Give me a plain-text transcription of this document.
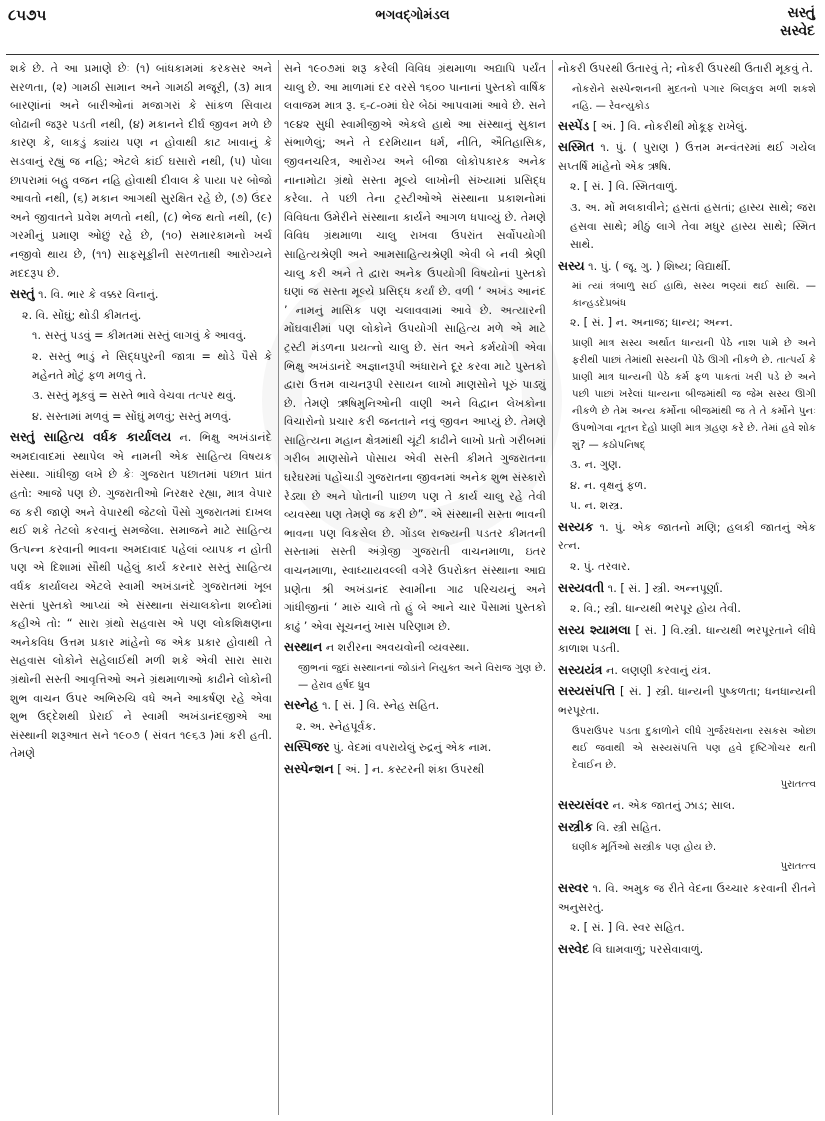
૮૫૭૫	ભગવદ્ગોમંડલ	સસ્તું
સસ્વેદ

શકે છે. તે આ પ્રમાણે છેઃ (૧) બાંધકામમાં કરકસર અને સરળતા, (૨) ગામઠી સામાન અને ગામઠી મજૂરી, (૩) માત્ર બારણાંનાં અને બારીઓનાં મજાગરાં કે સાંકળ સિવાય લોઢાની જરૂર પડતી નથી, (૪) મકાનને દીર્ઘ જીવન મળે છે કારણ કે, લાકડું ક્યાંય પણ ન હોવાથી કાટ ખાવાનું કે સડવાનું રહ્યું જ નહિ; એટલે કાંઈ ઘસારો નથી, (૫) પોલા છાપરામાં બહુ વજન નહિ હોવાથી દીવાલ કે પાયા પર બોજો આવતો નથી, (૬) મકાન આગથી સુરક્ષિત રહે છે, (૭) ઉંદર અને જીવાતને પ્રવેશ મળતો નથી, (૮) ભેજ થતો નથી, (૯) ગરમીનું પ્રમાણ ઓછું રહે છે, (૧૦) સમારકામનો ખર્ચ નજીવો થાય છે, (૧૧) સાફસૂફીની સરળતાથી આરોગ્યને મદદરૂપ છે.

સસ્તું ૧. વિ. ભાર કે વક્કર વિનાનું.

૨. વિ. સોંઘું; થોડી કીમતનું.

૧. સસ્તું પડવું = કીમતમાં સસ્તું લાગવું કે આવવું.

૨. સસ્તું ભાડું ને સિદ્ધપુરની જાત્રા = થોડે પૈસે કે મહેનતે મોટું ફળ મળવું તે.

૩. સસ્તું મૂકવું = સસ્તે ભાવે વેચવા તત્પર થવું.

૪. સસ્તામાં મળવું = સોંઘું મળવું; સસ્તું મળવું.

સસ્તું સાહિત્ય વર્ધક કાર્યાલય ન. ભિક્ષુ અખંડાનંદે અમદાવાદમાં સ્થાપેલ એ નામની એક સાહિત્ય વિષયક સંસ્થા. ગાંધીજી લખે છે કેઃ ગુજરાત પછાતમાં પછાત પ્રાંત હતો: આજે પણ છે. ગુજરાતીઓ નિરક્ષર રહ્યા, માત્ર વેપાર જ કરી જાણે અને વેપારથી જેટલો પૈસો ગુજરાતમાં દાખલ થઈ શકે તેટલો કરવાનું સમજેલા. સમાજને માટે સાહિત્ય ઉત્પન્ન કરવાની ભાવના અમદાવાદ પહેલાં વ્યાપક ન હોતી પણ એ દિશામાં સૌથી પહેલું કાર્ય કરનાર સસ્તું સાહિત્ય વર્ધક કાર્યાલય એટલે સ્વામી અખંડાનંદે ગુજરાતમાં ખૂબ સસ્તાં પુસ્તકો આપ્યાં એ સંસ્થાના સંચાલકોના શબ્દોમાં કહીએ તો: “ સારા ગ્રંથો સહવાસ એ પણ લોકશિક્ષણના અનેકવિધ ઉત્તમ પ્રકાર માંહેનો જ એક પ્રકાર હોવાથી તે સહવાસ લોકોને સહેલાઈથી મળી શકે એવી સારા સારા ગ્રંથોની સસ્તી આવૃત્તિઓ અને ગ્રંથમાળાઓ કાઢીને લોકોની શુભ વાચન ઉપર અભિરુચિ વધે અને આકર્ષણ રહે એવા શુભ ઉદ્દેશથી પ્રેરાઈ ને સ્વામી અખંડાનંદજીએ આ સંસ્થાની શરૂઆત સને ૧૯૦૭ ( સંવત ૧૯૬૩ )માં કરી હતી. તેમણે

સને ૧૯૦૭માં શરૂ કરેલી વિવિધ ગ્રંથમાળા અદ્યાપિ પર્યંત ચાલુ છે. આ માળામાં દર વરસે ૧૬૦૦ પાનાનાં પુસ્તકો વાર્ષિક લવાજમ માત્ર રૂ. ૬-૮-૦માં ઘેર બેઠાં આપવામાં આવે છે. સને ૧૯૪૨ સુધી સ્વામીજીએ એકલે હાથે આ સંસ્થાનું સુકાન સંભાળેલું; અને તે દરમિયાન ધર્મ, નીતિ, ઐતિહાસિક, જીવનચરિત્ર, આરોગ્ય અને બીજા લોકોપકારક અનેક નાનામોટા ગ્રંથો સસ્તા મૂલ્યે લાખોની સંખ્યામાં પ્રસિદ્ધ કરેલા. તે પછી તેના ટ્રસ્ટીઓએ સંસ્થાના પ્રકાશનોમાં વિવિધતા ઉમેરીને સંસ્થાના કાર્યને આગળ ધપાવ્યું છે. તેમણે વિવિધ ગ્રંથમાળા ચાલુ રાખવા ઉપરાંત સર્વોપયોગી સાહિત્યશ્રેણી અને આમસાહિત્યશ્રેણી એવી બે નવી શ્રેણી ચાલુ કરી અને તે દ્વારા અનેક ઉપયોગી વિષયોનાં પુસ્તકો ઘણાં જ સસ્તા મૂલ્યે પ્રસિદ્ધ કર્યાં છે. વળી ‘ અખંડ આનંદ ’ નામનું માસિક પણ ચલાવવામાં આવે છે. અત્યારની મોંઘવારીમાં પણ લોકોને ઉપયોગી સાહિત્ય મળે એ માટે ટ્રસ્ટી મંડળના પ્રયત્નો ચાલુ છે. સંત અને કર્મયોગી એવા ભિક્ષુ અખંડાનંદે અજ્ઞાનરૂપી અંધારાને દૂર કરવા માટે પુસ્તકો દ્વારા ઉત્તમ વાચનરૂપી રસાયન લાખો માણસોને પૂરું પાડ્યું છે. તેમણે ઋષિમુનિઓની વાણી અને વિદ્વાન લેખકોના વિચારોનો પ્રચાર કરી જનતાને નવું જીવન આપ્યું છે. તેમણે સાહિત્યના મહાન ક્ષેત્રમાંથી ચૂંટી કાઢીને લાખો પ્રતો ગરીબમાં ગરીબ માણસોને પોસાય એવી સસ્તી કીમતે ગુજરાતના ઘરેઘરમાં પહોંચાડી ગુજરાતના જીવનમાં અનેક શુભ સંસ્કારો રેડ્યા છે અને પોતાની પાછળ પણ તે કાર્ય ચાલુ રહે તેવી વ્યવસ્થા પણ તેમણે જ કરી છે”. એ સંસ્થાની સસ્તા ભાવની ભાવના પણ વિકસેલ છે. ગોંડલ રાજ્યની પડતર કીમતની સસ્તામાં સસ્તી અંગ્રેજી ગુજરાતી વાચનમાળા, ઇતર વાચનમાળા, સ્વાધ્યાયવલ્લી વગેરે ઉપરોક્ત સંસ્થાના આદ્ય પ્રણેતા શ્રી અખંડાનંદ સ્વામીના ગાઢ પરિચયનું અને ગાંધીજીનાં ‘ મારું ચાલે તો હું બે આને ચાર પૈસામાં પુસ્તકો કાઢું ’ એવા સૂચનનું ખાસ પરિણામ છે.

સસ્થાન ન શરીરના અવયવોની વ્યવસ્થા.

જીભનાં જુદાં સસ્થાનનાં જોડાંને નિયુક્ત અને વિરાજ ગુણ છે. — હેરાવ હર્ષદ ધ્રુવ

સસ્નેહ ૧. [ સં. ] વિ. સ્નેહ સહિત.

૨. અ. સ્નેહપૂર્વક.

સસ્પિજર પું. વેદમાં વપરાયેલું રુદ્રનું એક નામ.

સસ્પેન્શન [ અં. ] ન. કસ્ટરની શંકા ઉપરથી

નોકરી ઉપરથી ઉતારવું તે; નોકરી ઉપરથી ઉતારી મૂકવું તે.

નોકરોને સસ્પેન્શનની મુદતનો પગાર બિલકુલ મળી શકશે નહિ. — રેવન્યુકોડ

સસ્પેંડ [ અં. ] વિ. નોકરીથી મોકૂફ રાખેલું.

સસ્મિત ૧. પું. ( પુરાણ ) ઉત્તમ મન્વંતરમાં થઈ ગયેલ સપ્તર્ષિ માંહેનો એક ઋષિ.

૨. [ સં. ] વિ. સ્મિતવાળું.

૩. અ. મોં મલકાવીને; હસતાં હસતાં; હાસ્ય સાથે; જરા હસવા સાથે; મીઠું લાગે તેવા મધુર હાસ્ય સાથે; સ્મિત સાથે.

સસ્ય ૧. પું. ( જૂ. ગુ. ) શિષ્ય; વિદ્યાર્થી.

માં ત્યાં ત્રંબાળુ સઈ હાથિ, સસ્ય ભણ્યાં થઈ સાથિ. — કાન્હડદેપ્રબંધ

૨. [ સં. ] ન. અનાજ; ધાન્ય; અન્ન.

પ્રાણી માત્ર સસ્ય અર્થાત ધાન્યની પેઠે નાશ પામે છે અને ફરીથી પાછાં તેમાંથી સસ્યની પેઠે ઊગી નીકળે છે. તાત્પર્ય કે પ્રાણી માત્ર ધાન્યની પેઠે કર્મ ફળ પાકતાં ખરી પડે છે અને પછી પાછાં ખરેલાં ધાન્યના બીજમાંથી જ જેમ સસ્ય ઊગી નીકળે છે તેમ અન્ય કર્મોના બીજમાંથી જ તે તે કર્મોને પુનઃ ઉપભોગવા નૂતન દેહો પ્રાણી માત્ર ગ્રહણ કરે છે. તેમાં હવે શોક શું? — કઠોપનિષદ્

૩. ન. ગુણ.

૪. ન. વૃક્ષનું ફળ.

૫. ન. શસ્ત્ર.

સસ્યક ૧. પું. એક જાતનો મણિ; હલકી જાતનું એક રત્ન.

૨. પું. તરવાર.

સસ્યવતી ૧. [ સં. ] સ્ત્રી. અન્નપૂર્ણા.

૨. વિ.; સ્ત્રી. ધાન્યથી ભરપૂર હોય તેવી.

સસ્ય શ્યામલા [ સં. ] વિ.સ્ત્રી. ધાન્યથી ભરપૂરતાને લીધે કાળાશ પડતી.

સસ્યયંત્ર ન. લણણી કરવાનું યંત્ર.

સસ્યસંપત્તિ [ સં. ] સ્ત્રી. ધાન્યની પુષ્કળતા; ધનધાન્યની ભરપૂરતા.

ઉપરાઉપર પડતા દુકાળોને લીધે ગુર્જરધરાના રસકસ ઓછા થઈ જવાથી એ સસ્યસંપત્તિ પણ હવે દૃષ્ટિગોચર થતી દેવાઈન છે.

પુરાતત્ત્વ

સસ્યસંવર ન. એક જાતનું ઝાડ; સાલ.

સસ્ત્રીક વિ. સ્ત્રી સહિત.

ઘણીક મૂર્તિઓ સસ્ત્રીક પણ હોય છે.

પુરાતત્ત્વ

સસ્વર ૧. વિ. અમુક જ રીતે વેદના ઉચ્ચાર કરવાની રીતને અનુસરતું.

૨. [ સં. ] વિ. સ્વર સહિત.

સસ્વેદ વિ ઘામવાળું; પરસેવાવાળું.
